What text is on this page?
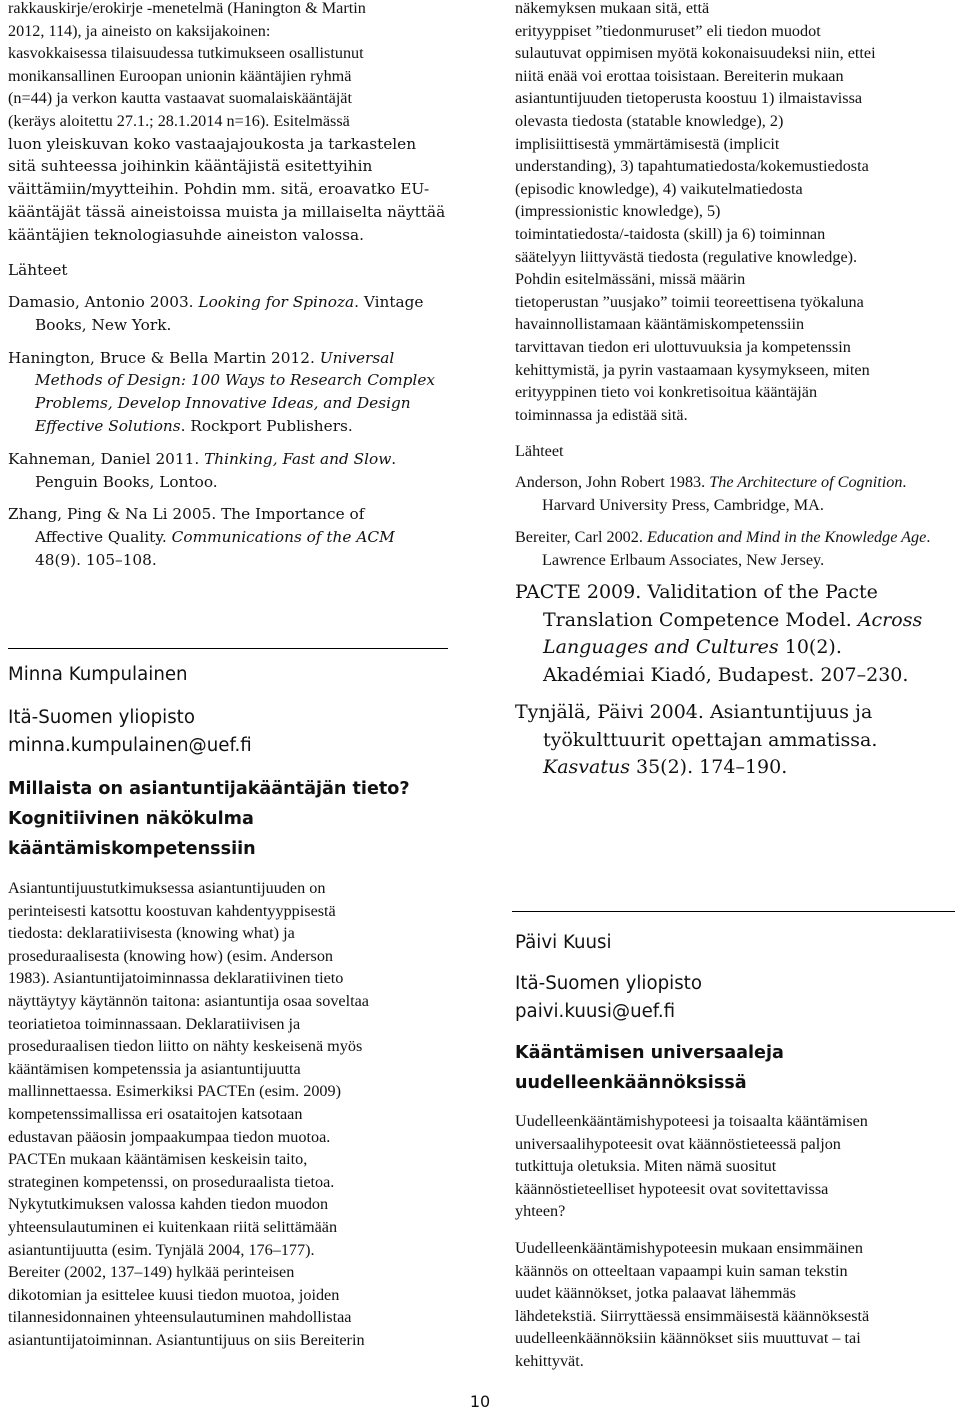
rakkauskirje/erokirje -menetelmä (Hanington & Martin

2012, 114), ja aineisto on kaksijakoinen:

kasvokkaisessa tilaisuudessa tutkimukseen osallistunut

monikansallinen Euroopan unionin kääntäjien ryhmä

(n=44) ja verkon kautta vastaavat suomalaiskääntäjät

(keräys aloitettu 27.1.; 28.1.2014 n=16). Esitelmässä

luon yleiskuvan koko vastaajajoukosta ja tarkastelen

sitä suhteessa joihinkin kääntäjistä esitettyihin

väittämiin/myytteihin. Pohdin mm. sitä, eroavatko EU-

kääntäjät tässä aineistoissa muista ja millaiselta näyttää

kääntäjien teknologiasuhde aineiston valossa.

Lähteet

Damasio, Antonio 2003. Looking for Spinoza. Vintage Books, New York.

Hanington, Bruce & Bella Martin 2012. Universal Methods of Design: 100 Ways to Research Complex Problems, Develop Innovative Ideas, and Design Effective Solutions. Rockport Publishers.

Kahneman, Daniel 2011. Thinking, Fast and Slow. Penguin Books, Lontoo.

Zhang, Ping & Na Li 2005. The Importance of Affective Quality. Communications of the ACM 48(9). 105–108.

Minna Kumpulainen

Itä-Suomen yliopisto

minna.kumpulainen@uef.fi

Millaista on asiantuntijakääntäjän tieto?

Kognitiivinen näkökulma

kääntämiskompetenssiin

Asiantuntijuustutkimuksessa asiantuntijuuden on

perinteisesti katsottu koostuvan kahdentyyppisestä

tiedosta: deklaratiivisesta (knowing what) ja

proseduraalisesta (knowing how) (esim. Anderson

1983). Asiantuntijatoiminnassa deklaratiivinen tieto

näyttäytyy käytännön taitona: asiantuntija osaa soveltaa

teoriatietoa toiminnassaan. Deklaratiivisen ja

proseduraalisen tiedon liitto on nähty keskeisenä myös

kääntämisen kompetenssia ja asiantuntijuutta

mallinnettaessa. Esimerkiksi PACTEn (esim. 2009)

kompetenssimallissa eri osataitojen katsotaan

edustavan pääosin jompaakumpaa tiedon muotoa.

PACTEn mukaan kääntämisen keskeisin taito,

strateginen kompetenssi, on proseduraalista tietoa.

Nykytutkimuksen valossa kahden tiedon muodon

yhteensulautuminen ei kuitenkaan riitä selittämään

asiantuntijuutta (esim. Tynjälä 2004, 176–177).

Bereiter (2002, 137–149) hylkää perinteisen

dikotomian ja esittelee kuusi tiedon muotoa, joiden

tilannesidonnainen yhteensulautuminen mahdollistaa

asiantuntijatoiminnan. Asiantuntijuus on siis Bereiterin

näkemyksen mukaan sitä, että

erityyppiset ”tiedonmuruset” eli tiedon muodot

sulautuvat oppimisen myötä kokonaisuudeksi niin, ettei

niitä enää voi erottaa toisistaan. Bereiterin mukaan

asiantuntijuuden tietoperusta koostuu 1) ilmaistavissa

olevasta tiedosta (statable knowledge), 2)

implisiittisestä ymmärtämisestä (implicit

understanding), 3) tapahtumatiedosta/kokemustiedosta

(episodic knowledge), 4) vaikutelmatiedosta

(impressionistic knowledge), 5)

toimintatiedosta/-taidosta (skill) ja 6) toiminnan

säätelyyn liittyvästä tiedosta (regulative knowledge).

Pohdin esitelmässäni, missä määrin

tietoperustan ”uusjako” toimii teoreettisena työkaluna

havainnollistamaan kääntämiskompetenssiin

tarvittavan tiedon eri ulottuvuuksia ja kompetenssin

kehittymistä, ja pyrin vastaamaan kysymykseen, miten

erityyppinen tieto voi konkretisoitua kääntäjän

toiminnassa ja edistää sitä.

Lähteet

Anderson, John Robert 1983. The Architecture of Cognition. Harvard University Press, Cambridge, MA.

Bereiter, Carl 2002. Education and Mind in the Knowledge Age. Lawrence Erlbaum Associates, New Jersey.

PACTE 2009. Validitation of the Pacte Translation Competence Model. Across Languages and Cultures 10(2). Akadémiai Kiadó, Budapest. 207–230.

Tynjälä, Päivi 2004. Asiantuntijuus ja työkulttuurit opettajan ammatissa. Kasvatus 35(2). 174–190.

Päivi Kuusi

Itä-Suomen yliopisto

paivi.kuusi@uef.fi

Kääntämisen universaaleja

uudelleenkäännöksissä

Uudelleenkääntämishypoteesi ja toisaalta kääntämisen

universaalihypoteesit ovat käännöstieteessä paljon

tutkittuja oletuksia. Miten nämä suositut

käännöstieteelliset hypoteesit ovat sovitettavissa

yhteen?

Uudelleenkääntämishypoteesin mukaan ensimmäinen

käännös on otteeltaan vapaampi kuin saman tekstin

uudet käännökset, jotka palaavat lähemmäs

lähdetekstiä. Siirryttäessä ensimmäisestä käännöksestä

uudelleenkäännöksiin käännökset siis muuttuvat – tai

kehittyvät.

10
